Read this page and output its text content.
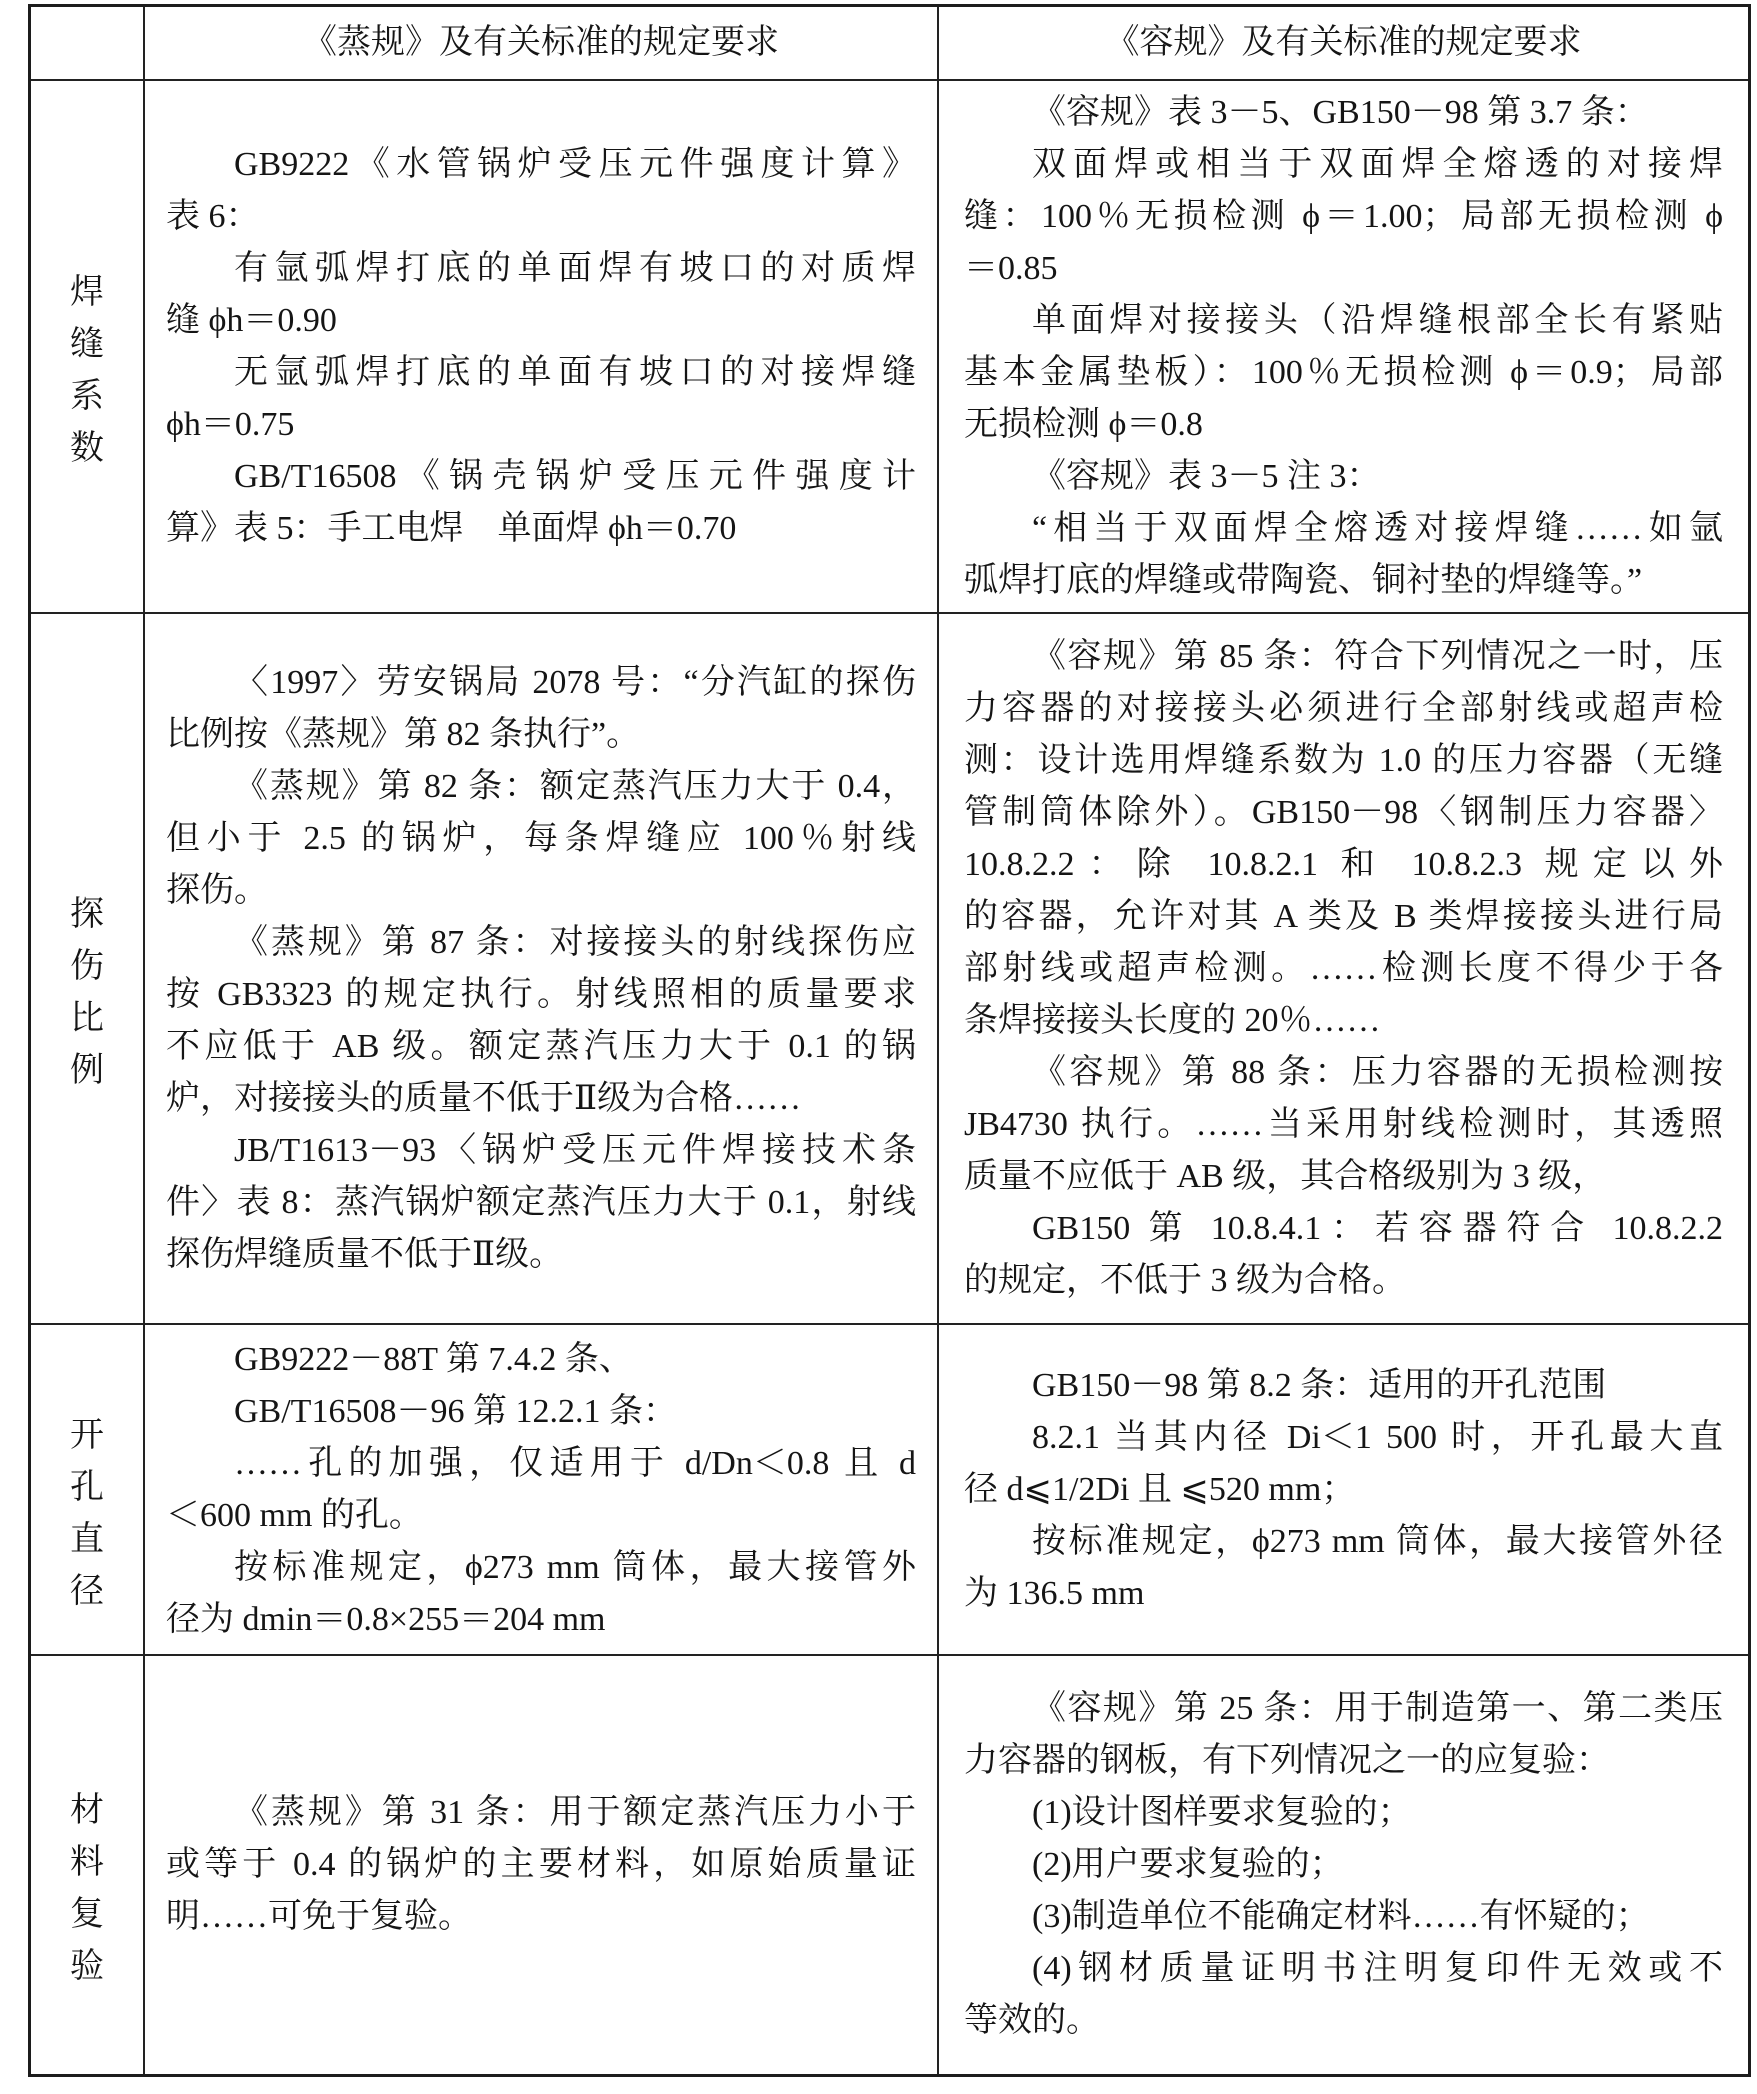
《蒸规》及有关标准的规定要求	《容规》及有关标准的规定要求
焊缝系数
GB9222《水管锅炉受压元件强度计算》
表 6：
有氩弧焊打底的单面焊有坡口的对质焊
缝 ϕh＝0.90
无氩弧焊打底的单面有坡口的对接焊缝
ϕh＝0.75
GB/T16508《锅壳锅炉受压元件强度计
算》表 5：手工电焊　单面焊 ϕh＝0.70
《容规》表 3－5、GB150－98 第 3.7 条：
双面焊或相当于双面焊全熔透的对接焊
缝：100％无损检测 ϕ＝1.00；局部无损检测 ϕ
＝0.85
单面焊对接接头（沿焊缝根部全长有紧贴
基本金属垫板）：100％无损检测 ϕ＝0.9；局部
无损检测 ϕ＝0.8
《容规》表 3－5 注 3：
“相当于双面焊全熔透对接焊缝……如氩
弧焊打底的焊缝或带陶瓷、铜衬垫的焊缝等。”
探伤比例
〈1997〉劳安锅局 2078 号：“分汽缸的探伤
比例按《蒸规》第 82 条执行”。
《蒸规》第 82 条：额定蒸汽压力大于 0.4，
但小于 2.5 的锅炉，每条焊缝应 100％射线
探伤。
《蒸规》第 87 条：对接接头的射线探伤应
按 GB3323 的规定执行。射线照相的质量要求
不应低于 AB 级。额定蒸汽压力大于 0.1 的锅
炉，对接接头的质量不低于Ⅱ级为合格……
JB/T1613－93〈锅炉受压元件焊接技术条
件〉表 8：蒸汽锅炉额定蒸汽压力大于 0.1，射线
探伤焊缝质量不低于Ⅱ级。
《容规》第 85 条：符合下列情况之一时，压
力容器的对接接头必须进行全部射线或超声检
测：设计选用焊缝系数为 1.0 的压力容器（无缝
管制筒体除外）。GB150－98〈钢制压力容器〉
10.8.2.2：除 10.8.2.1 和 10.8.2.3 规定以外
的容器，允许对其 A 类及 B 类焊接接头进行局
部射线或超声检测。……检测长度不得少于各
条焊接接头长度的 20％……
《容规》第 88 条：压力容器的无损检测按
JB4730 执行。……当采用射线检测时，其透照
质量不应低于 AB 级，其合格级别为 3 级，
GB150 第 10.8.4.1：若容器符合 10.8.2.2
的规定，不低于 3 级为合格。
开孔直径
GB9222－88T 第 7.4.2 条、
GB/T16508－96 第 12.2.1 条：
……孔的加强，仅适用于 d/Dn＜0.8 且 d
＜600 mm 的孔。
按标准规定，ϕ273 mm 筒体，最大接管外
径为 dmin＝0.8×255＝204 mm
GB150－98 第 8.2 条：适用的开孔范围
8.2.1 当其内径 Di＜1 500 时，开孔最大直
径 d⩽1/2Di 且 ⩽520 mm；
按标准规定，ϕ273 mm 筒体，最大接管外径
为 136.5 mm
材料复验
《蒸规》第 31 条：用于额定蒸汽压力小于
或等于 0.4 的锅炉的主要材料，如原始质量证
明……可免于复验。
《容规》第 25 条：用于制造第一、第二类压
力容器的钢板，有下列情况之一的应复验：
(1)设计图样要求复验的；
(2)用户要求复验的；
(3)制造单位不能确定材料……有怀疑的；
(4)钢材质量证明书注明复印件无效或不
等效的。
